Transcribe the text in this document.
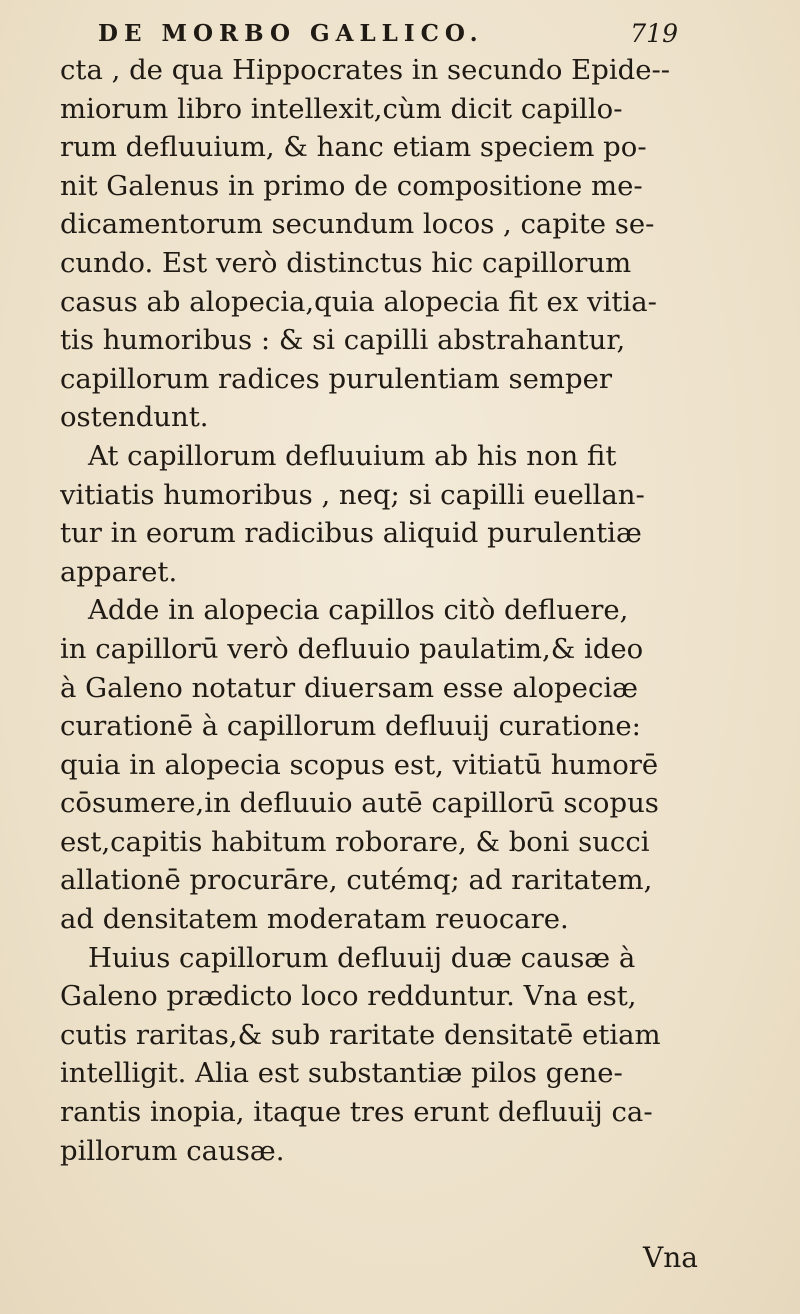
DE MORBO GALLICO.	719
cta , de qua Hippocrates in secundo Epide--
miorum libro intellexit,cùm dicit capillo-
rum defluuium, & hanc etiam speciem po-
nit Galenus in primo de compositione me-
dicamentorum secundum locos , capite se-
cundo. Est verò distinctus hic capillorum
casus ab alopecia,quia alopecia fit ex vitia-
tis humoribus : & si capilli abstrahantur,
capillorum radices purulentiam semper
ostendunt.
At capillorum defluuium ab his non fit
vitiatis humoribus , neq; si capilli euellan-
tur in eorum radicibus aliquid purulentiæ
apparet.
Adde in alopecia capillos citò defluere,
in capillorū verò defluuio paulatim,& ideo
à Galeno notatur diuersam esse alopeciæ
curationē à capillorum defluuij curatione:
quia in alopecia scopus est, vitiatū humorē
cōsumere,in defluuio autē capillorū scopus
est,capitis habitum roborare, & boni succi
allationē procurāre, cutémq; ad raritatem,
ad densitatem moderatam reuocare.
Huius capillorum defluuij duæ causæ à
Galeno prædicto loco redduntur. Vna est,
cutis raritas,& sub raritate densitatē etiam
intelligit. Alia est substantiæ pilos gene-
rantis inopia, itaque tres erunt defluuij ca-
pillorum causæ.
Vna
